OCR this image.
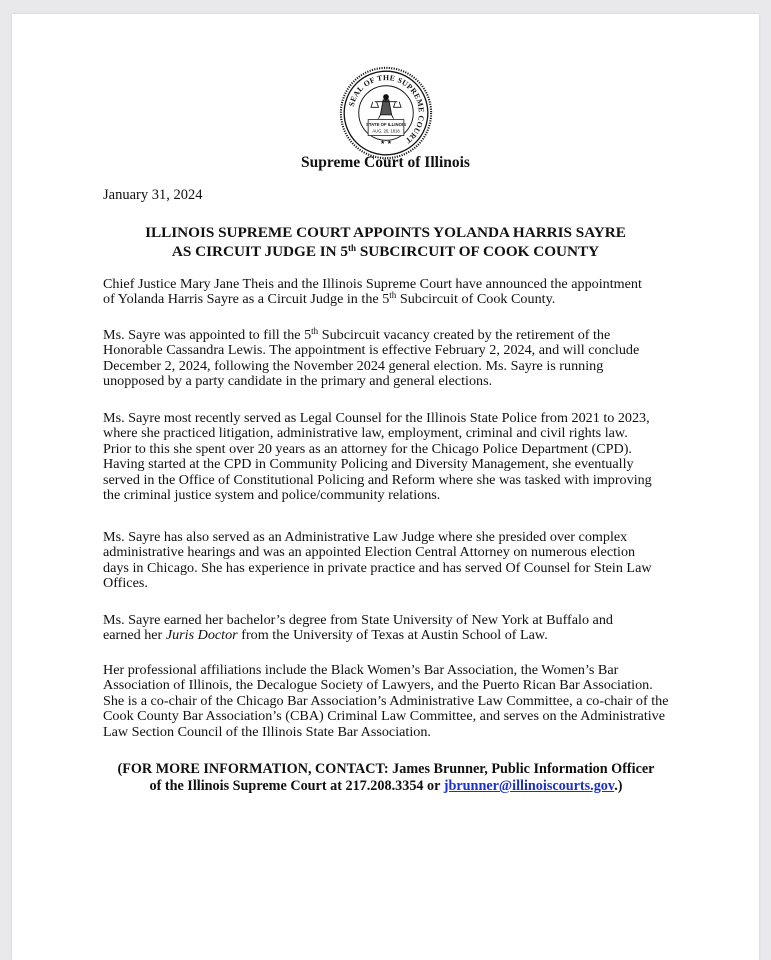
SEAL OF THE SUPREME COURT
STATE OF ILLINOIS
AUG. 26, 1818
★ ★
Supreme Court of Illinois
January 31, 2024
ILLINOIS SUPREME COURT APPOINTS YOLANDA HARRIS SAYRE
AS CIRCUIT JUDGE IN 5th SUBCIRCUIT OF COOK COUNTY
Chief Justice Mary Jane Theis and the Illinois Supreme Court have announced the appointment
of Yolanda Harris Sayre as a Circuit Judge in the 5th Subcircuit of Cook County.
Ms. Sayre was appointed to fill the 5th Subcircuit vacancy created by the retirement of the
Honorable Cassandra Lewis. The appointment is effective February 2, 2024, and will conclude
December 2, 2024, following the November 2024 general election. Ms. Sayre is running
unopposed by a party candidate in the primary and general elections.
Ms. Sayre most recently served as Legal Counsel for the Illinois State Police from 2021 to 2023,
where she practiced litigation, administrative law, employment, criminal and civil rights law.
Prior to this she spent over 20 years as an attorney for the Chicago Police Department (CPD).
Having started at the CPD in Community Policing and Diversity Management, she eventually
served in the Office of Constitutional Policing and Reform where she was tasked with improving
the criminal justice system and police/community relations.
Ms. Sayre has also served as an Administrative Law Judge where she presided over complex
administrative hearings and was an appointed Election Central Attorney on numerous election
days in Chicago. She has experience in private practice and has served Of Counsel for Stein Law
Offices.
Ms. Sayre earned her bachelor’s degree from State University of New York at Buffalo and
earned her Juris Doctor from the University of Texas at Austin School of Law.
Her professional affiliations include the Black Women’s Bar Association, the Women’s Bar
Association of Illinois, the Decalogue Society of Lawyers, and the Puerto Rican Bar Association.
She is a co-chair of the Chicago Bar Association’s Administrative Law Committee, a co-chair of the
Cook County Bar Association’s (CBA) Criminal Law Committee, and serves on the Administrative
Law Section Council of the Illinois State Bar Association.
(FOR MORE INFORMATION, CONTACT: James Brunner, Public Information Officer
of the Illinois Supreme Court at 217.208.3354 or jbrunner@illinoiscourts.gov.)
